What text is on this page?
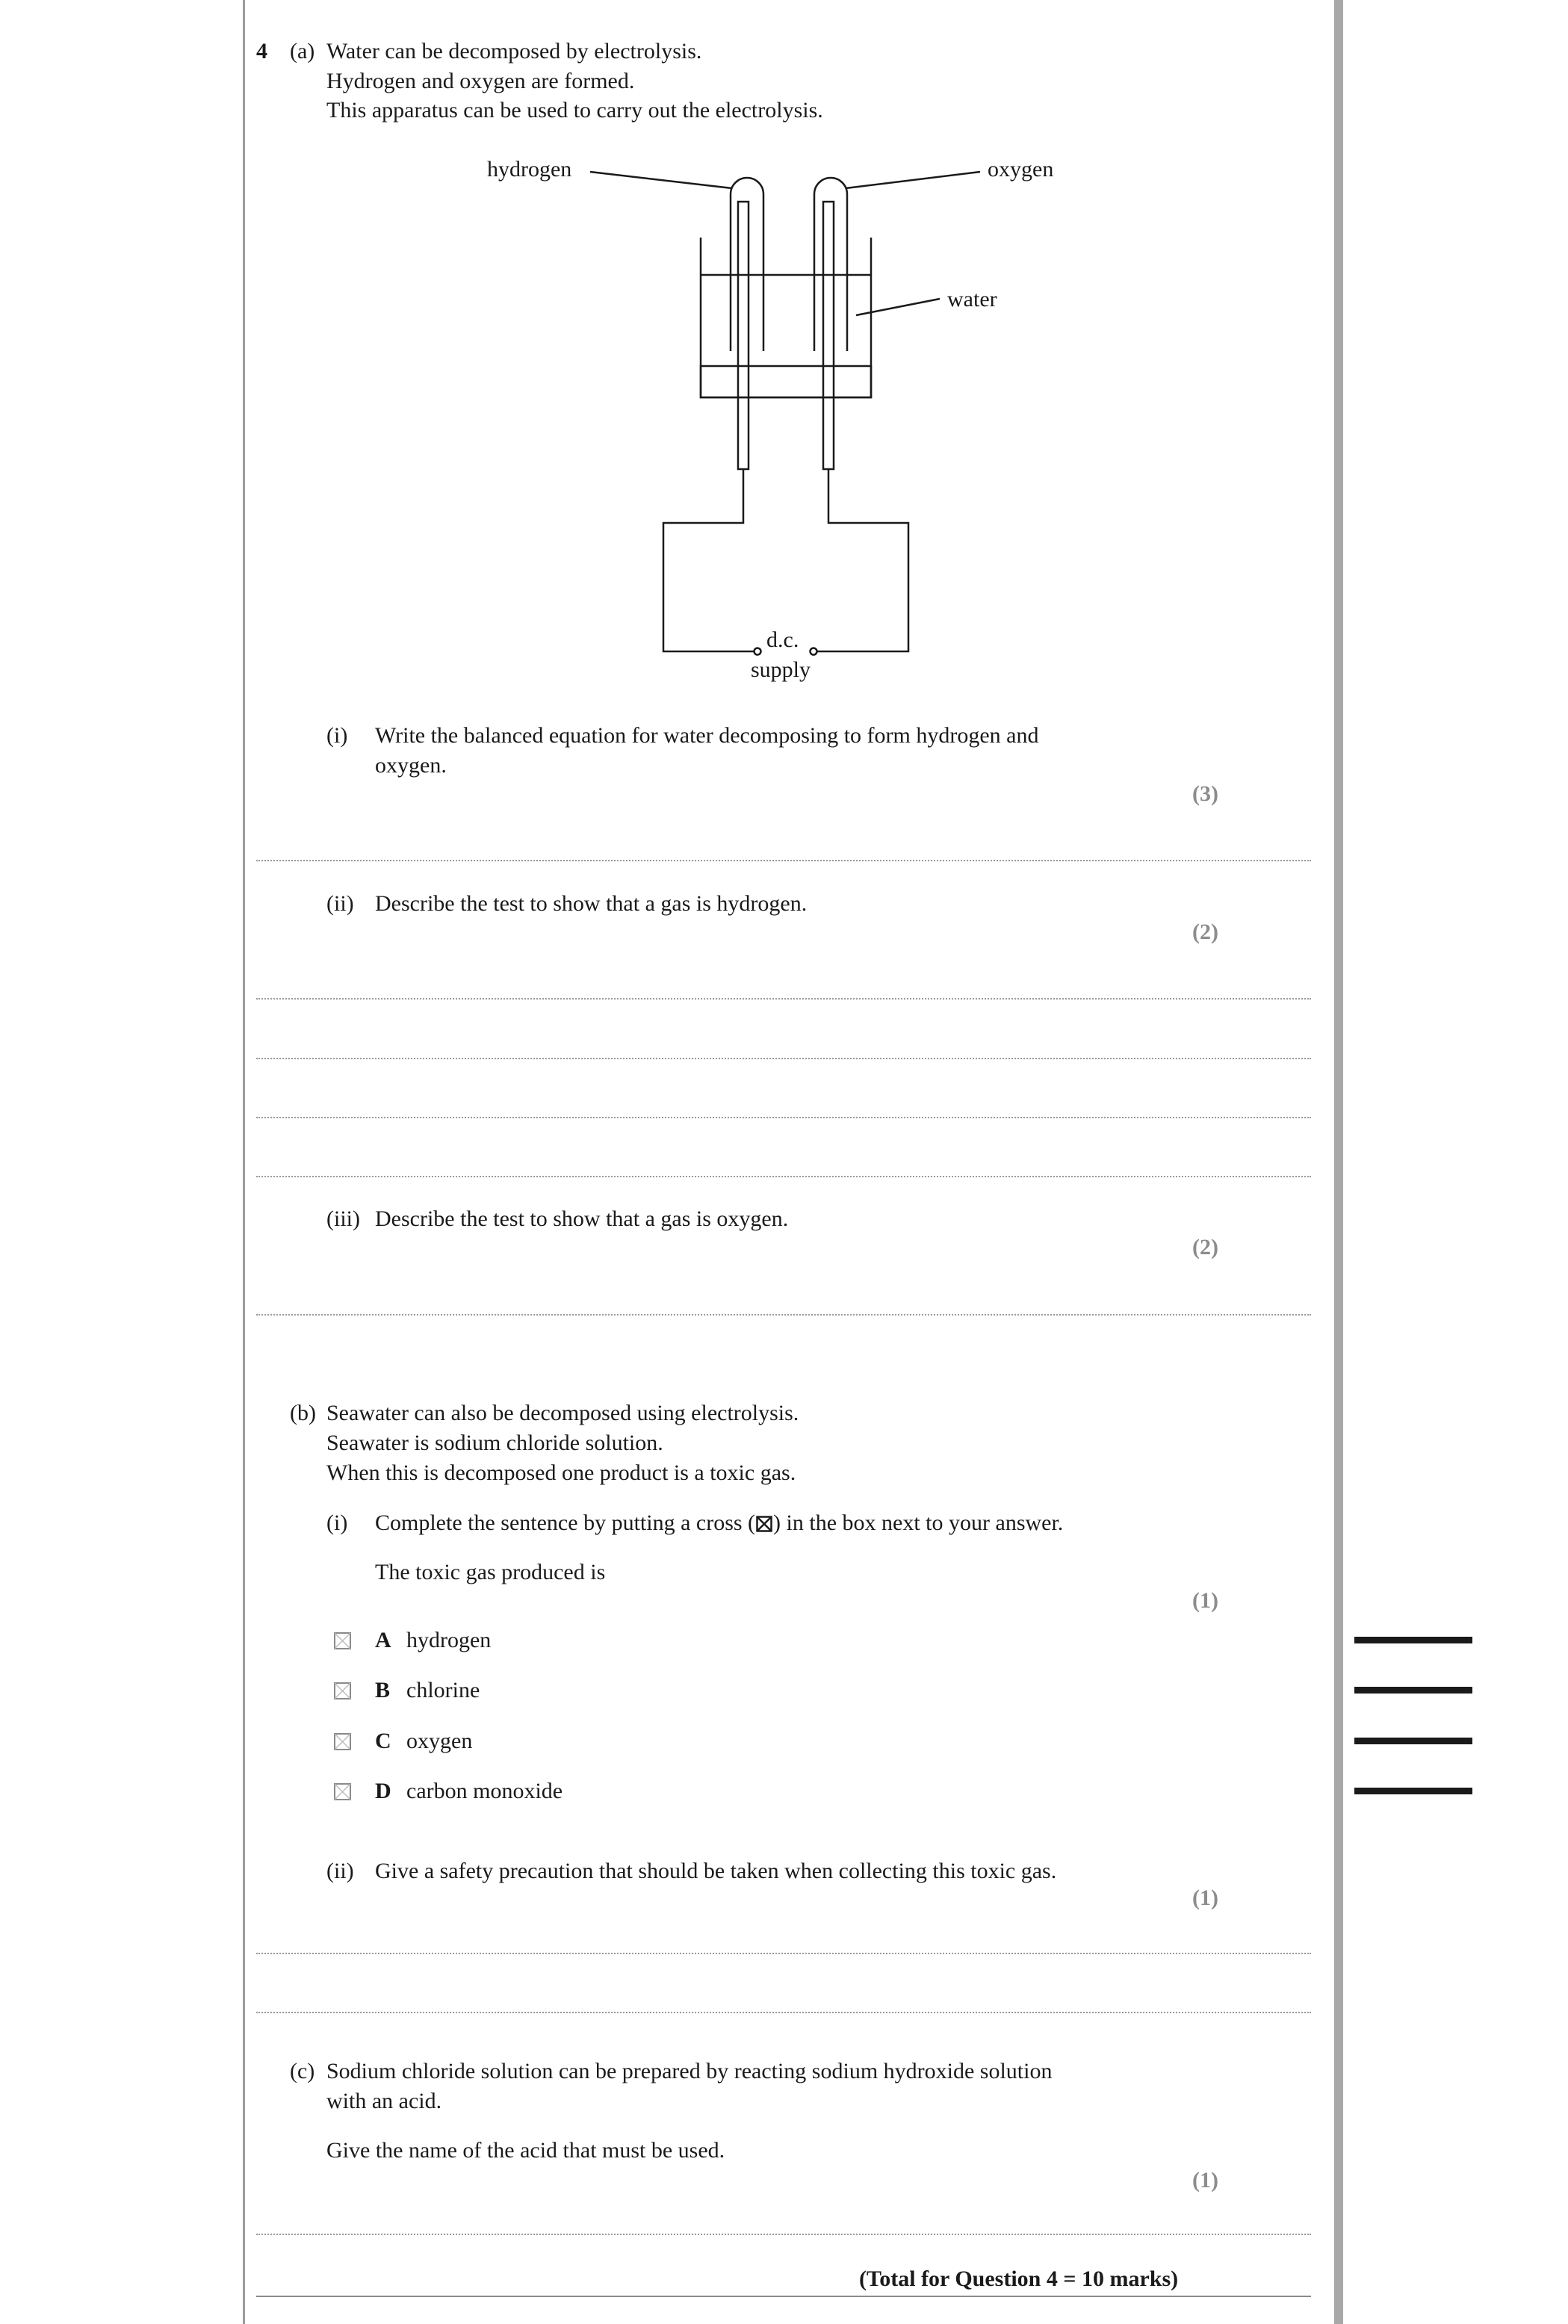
4 (a) Water can be decomposed by electrolysis.
Hydrogen and oxygen are formed.
This apparatus can be used to carry out the electrolysis.
hydrogen	oxygen
water
d.c.
supply
(i) Write the balanced equation for water decomposing to form hydrogen and
oxygen.
(3)
(ii) Describe the test to show that a gas is hydrogen.
(2)
(iii) Describe the test to show that a gas is oxygen.
(2)
(b) Seawater can also be decomposed using electrolysis.
Seawater is sodium chloride solution.
When this is decomposed one product is a toxic gas.
(i) Complete the sentence by putting a cross (☒) in the box next to your answer.
The toxic gas produced is
(1)
A hydrogen
B chlorine
C oxygen
D carbon monoxide
(ii) Give a safety precaution that should be taken when collecting this toxic gas.
(1)
(c) Sodium chloride solution can be prepared by reacting sodium hydroxide solution
with an acid.
Give the name of the acid that must be used.
(1)
(Total for Question 4 = 10 marks)
